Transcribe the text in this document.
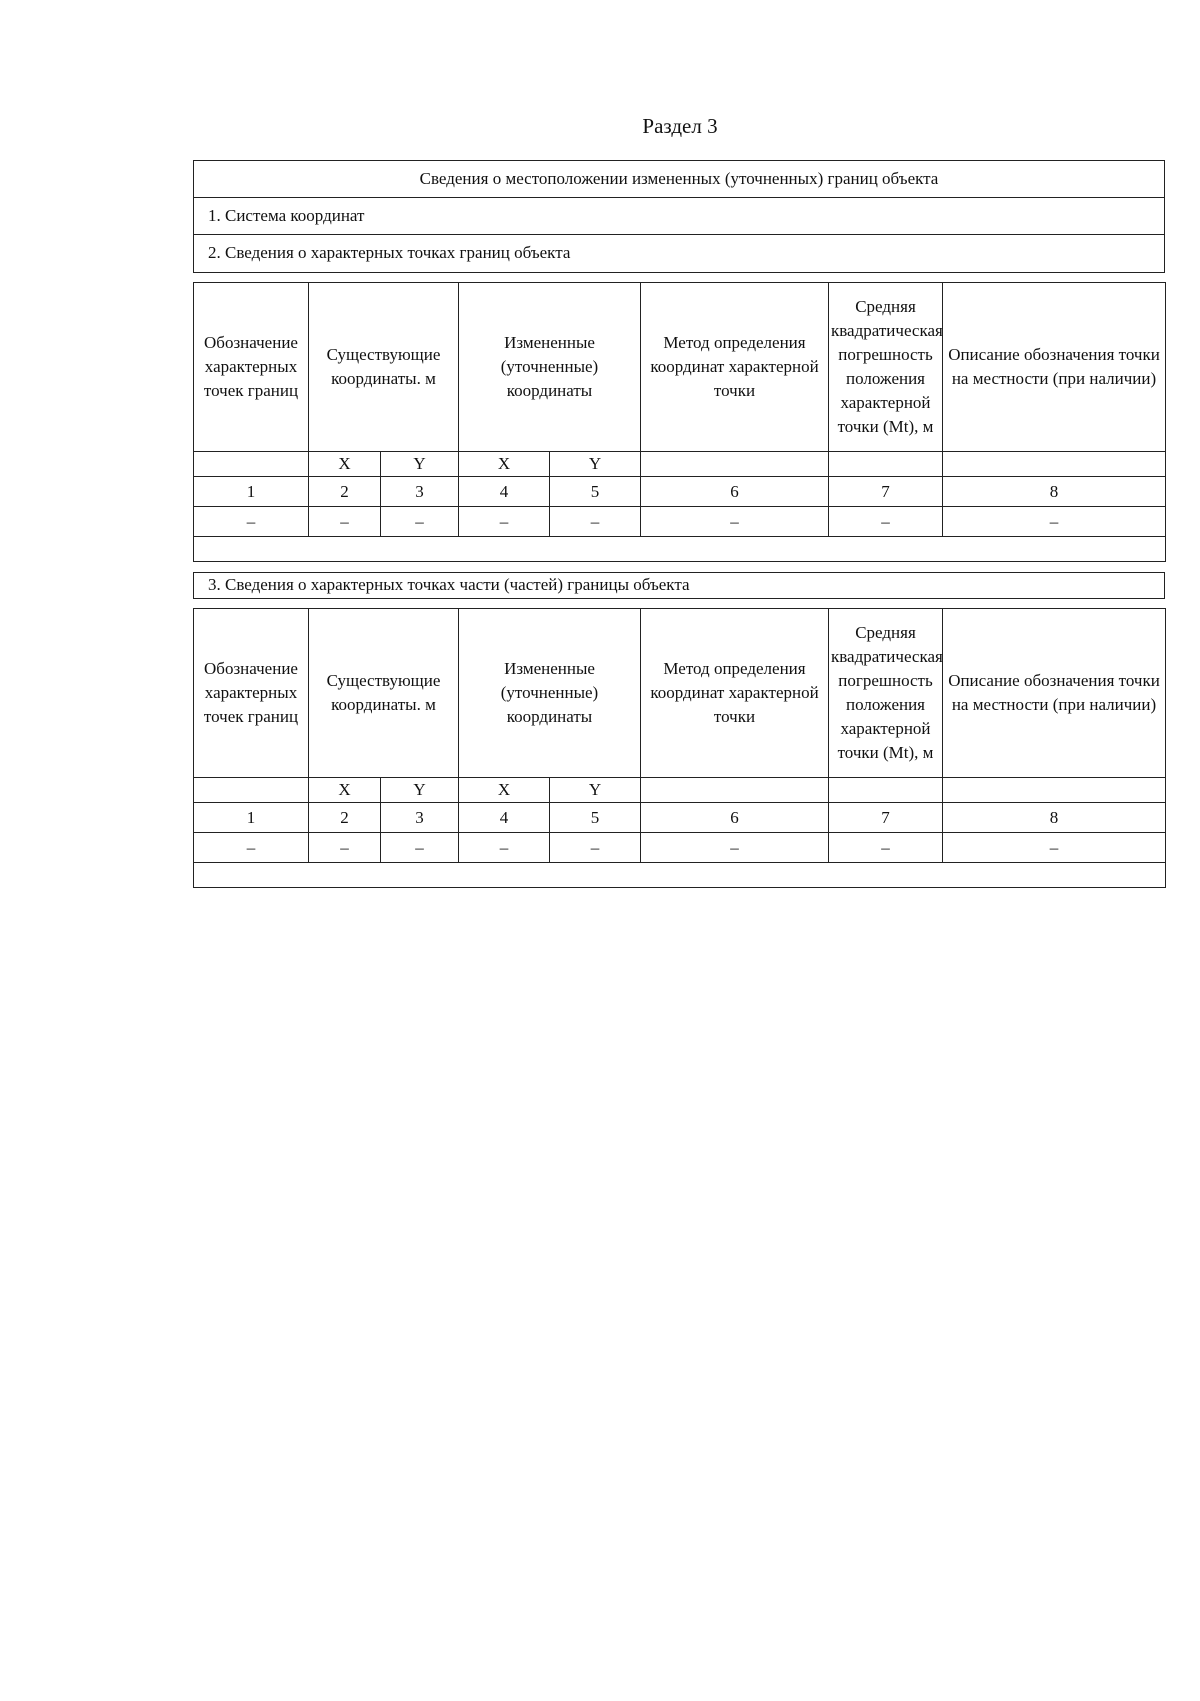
Раздел 3
Сведения о местоположении измененных (уточненных) границ объекта
1. Система координат
2. Сведения о характерных точках границ объекта
Обозначение характерных точек границ	Существующие координаты. м		Измененные (уточненные) координаты		Метод определения координат характерной точки	Средняя квадратическая погрешность положения характерной точки (Mt), м	Описание обозначения точки на местности (при наличии)
	X	Y	X	Y			
1	2	3	4	5	6	7	8
–	–	–	–	–	–	–	–

3. Сведения о характерных точках части (частей) границы объекта
Обозначение характерных точек границ	Существующие координаты. м		Измененные (уточненные) координаты		Метод определения координат характерной точки	Средняя квадратическая погрешность положения характерной точки (Mt), м	Описание обозначения точки на местности (при наличии)
	X	Y	X	Y			
1	2	3	4	5	6	7	8
–	–	–	–	–	–	–	–
